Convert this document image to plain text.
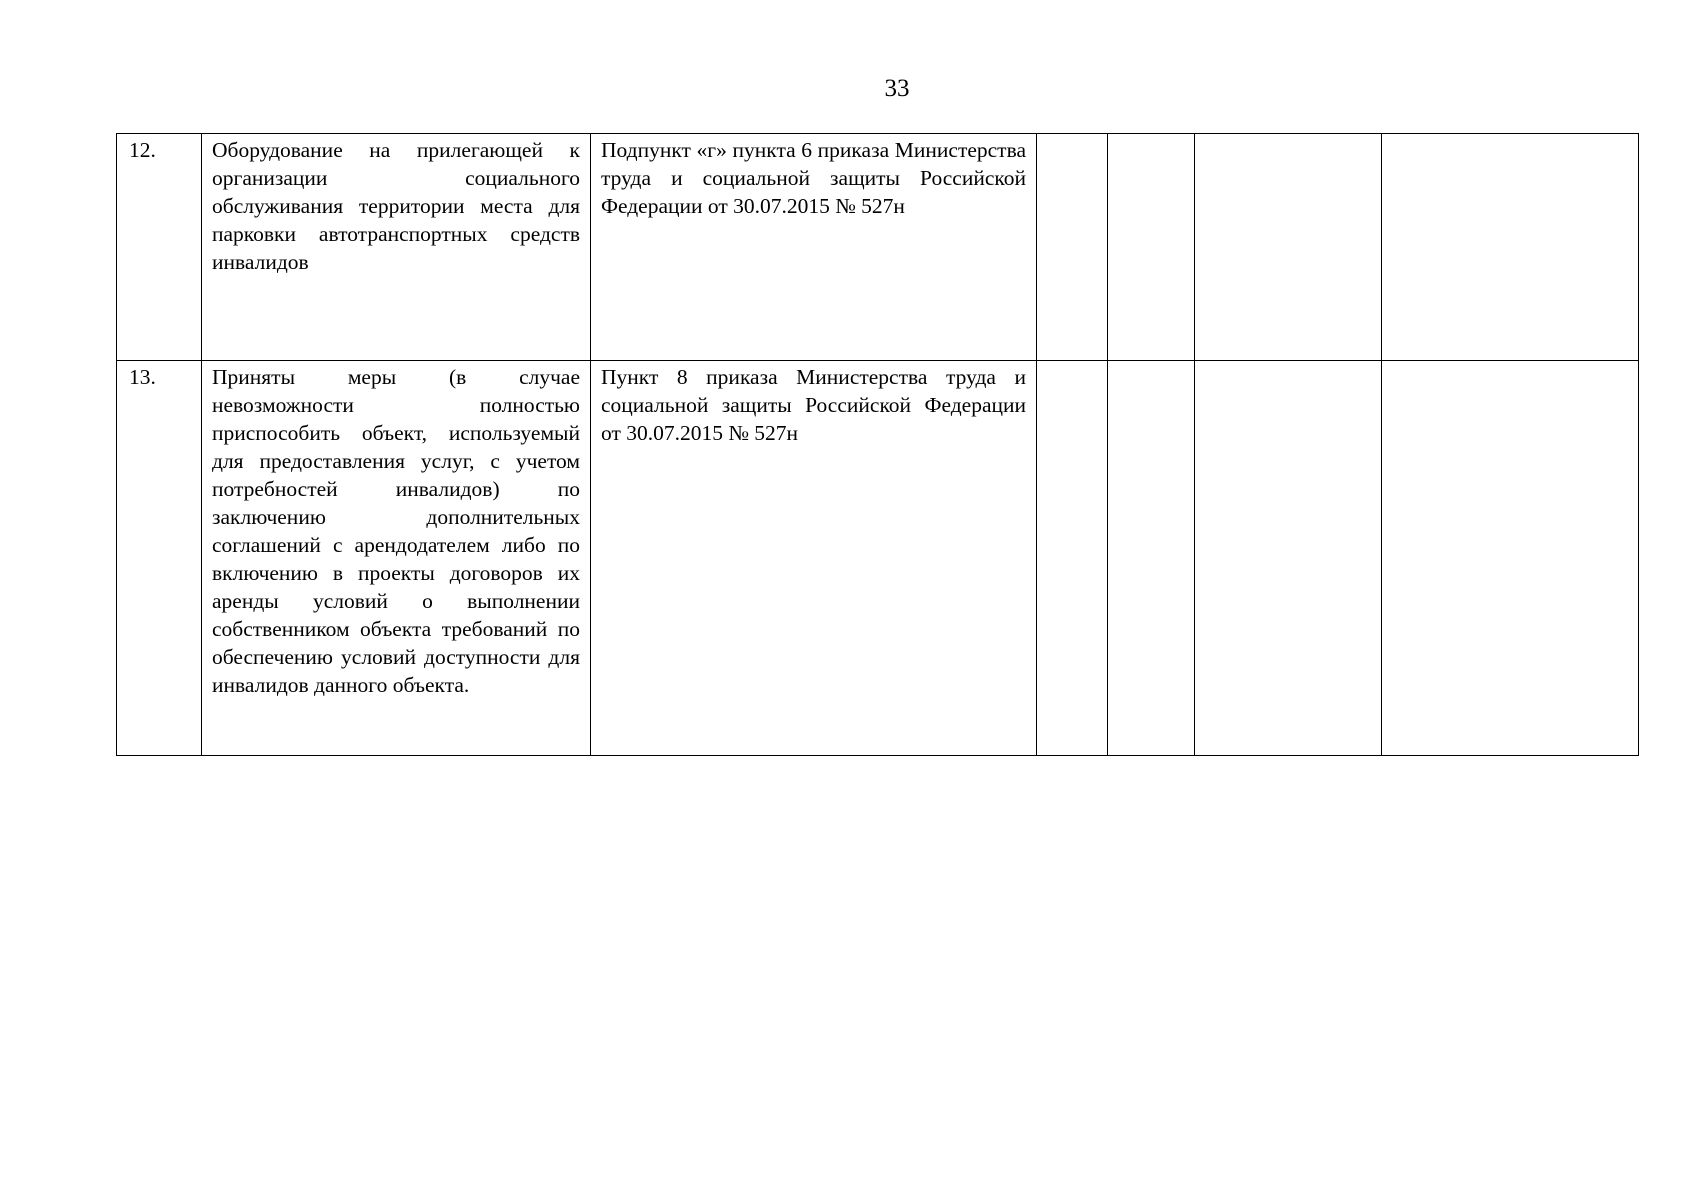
33
12.	Оборудование на прилегающей к организации социального обслуживания территории места для парковки автотранспортных средств инвалидов	Подпункт «г» пункта 6 приказа Министерства труда и социальной защиты Российской Федерации от 30.07.2015 № 527н				
13.	Приняты меры (в случае невозможности полностью приспособить объект, используемый для предоставления услуг, с учетом потребностей инвалидов) по заключению дополнительных соглашений с арендодателем либо по включению в проекты договоров их аренды условий о выполнении собственником объекта требований по обеспечению условий доступности для инвалидов данного объекта.	Пункт 8 приказа Министерства труда и социальной защиты Российской Федерации от 30.07.2015 № 527н				
